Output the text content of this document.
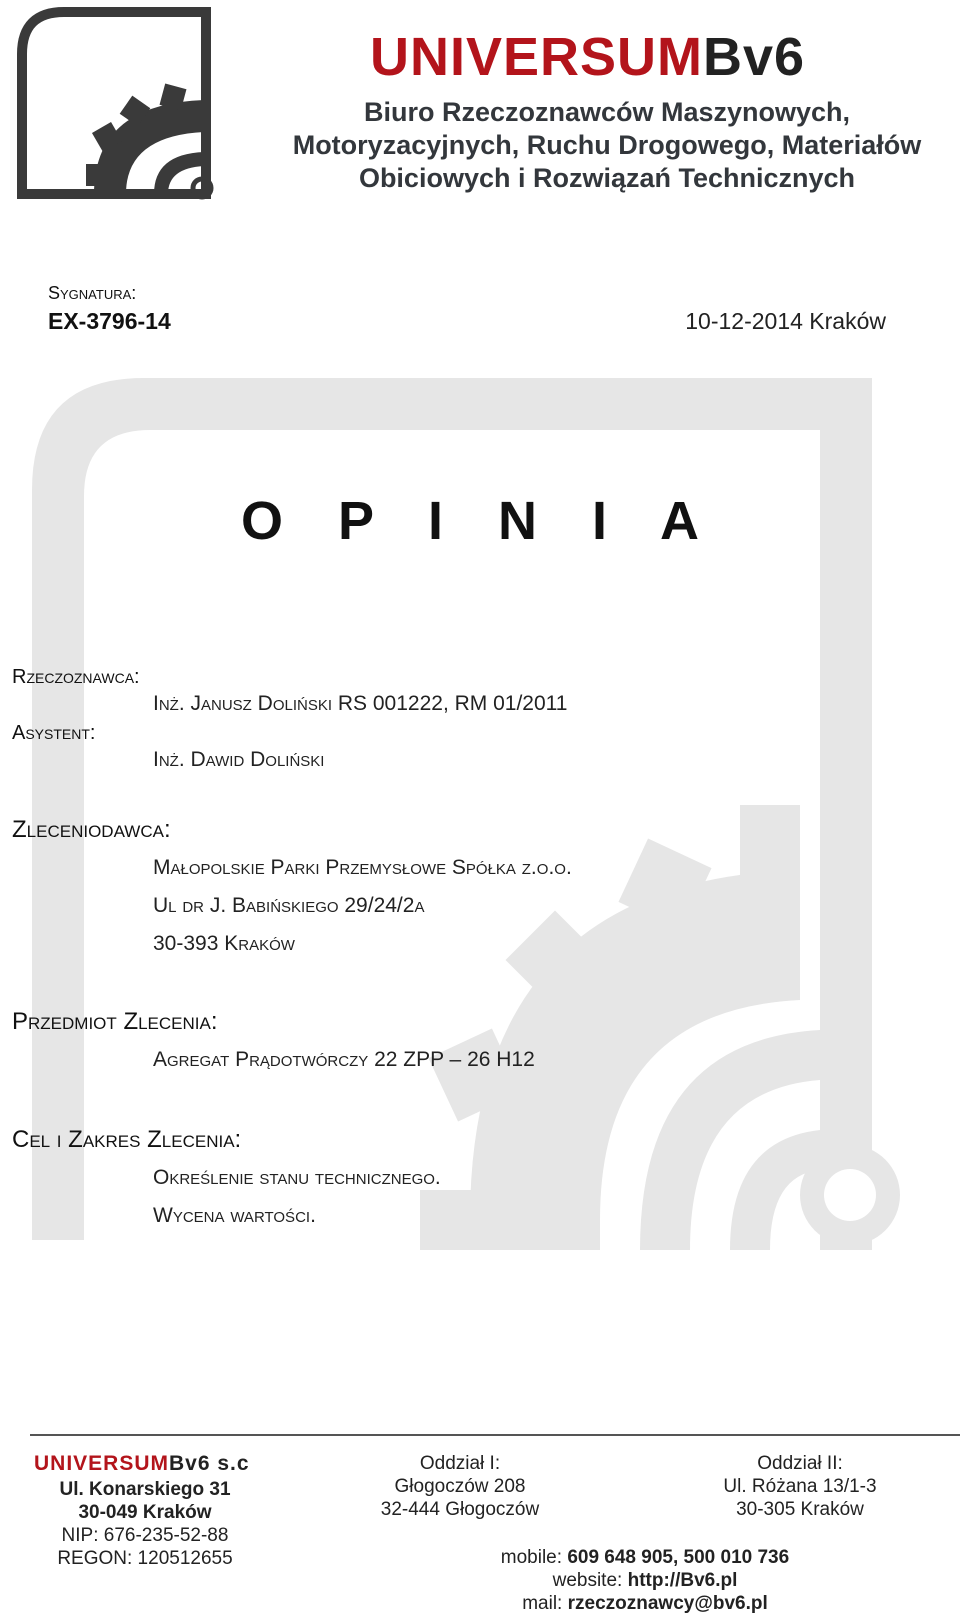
UNIVERSUMBv6
Biuro Rzeczoznawców Maszynowych,
Motoryzacyjnych, Ruchu Drogowego, Materiałów
Obiciowych i Rozwiązań Technicznych
Sygnatura:
EX-3796-14	10-12-2014 Kraków
O P I N I A
Rzeczoznawca:
Inż. Janusz Doliński RS 001222, RM 01/2011
Asystent:
Inż. Dawid Doliński
Zleceniodawca:
Małopolskie Parki Przemysłowe Spółka z.o.o.
Ul dr J. Babińskiego 29/24/2a
30-393 Kraków
Przedmiot Zlecenia:
Agregat Prądotwórczy 22 ZPP – 26 H12
Cel i Zakres Zlecenia:
Określenie stanu technicznego.
Wycena wartości.
UNIVERSUMBv6 s.c
Ul. Konarskiego 31
30-049 Kraków
NIP: 676-235-52-88
REGON: 120512655
Oddział I:
Głogoczów 208
32-444 Głogoczów
Oddział II:
Ul. Różana 13/1-3
30-305 Kraków
mobile: 609 648 905, 500 010 736
website: http://Bv6.pl
mail: rzeczoznawcy@bv6.pl
